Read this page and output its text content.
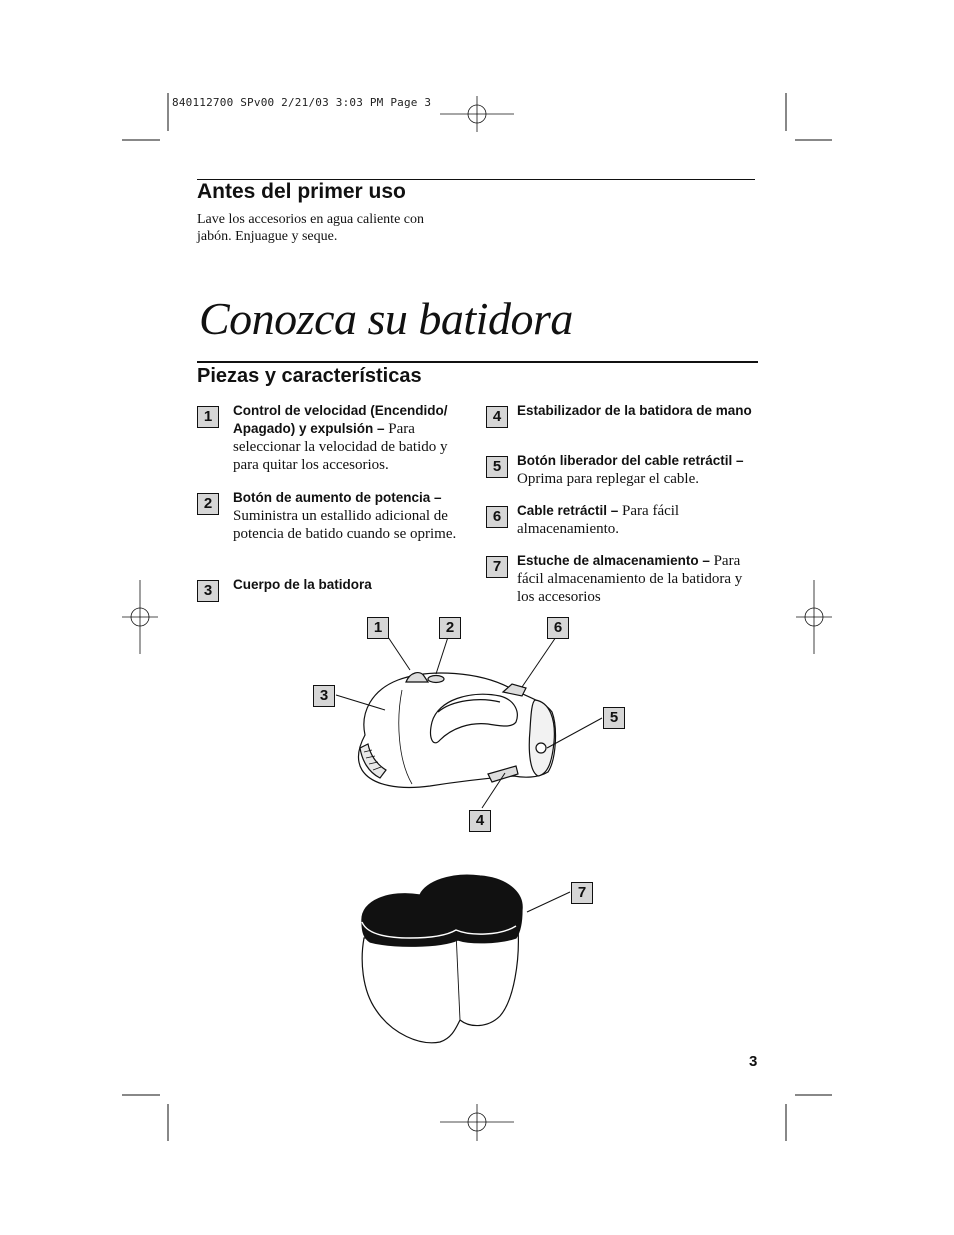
840112700 SPv00 2/21/03 3:03 PM Page 3
Antes del primer uso
Lave los accesorios en agua caliente con
jabón. Enjuague y seque.
Conozca su batidora
Piezas y características
1	Control de velocidad (Encendido/ Apagado) y expulsión – Para seleccionar la velocidad de batido y para quitar los accesorios.
2	Botón de aumento de potencia – Suministra un estallido adicional de potencia de batido cuando se oprime.
3	Cuerpo de la batidora
4	Estabilizador de la batidora de mano
5	Botón liberador del cable retráctil – Oprima para replegar el cable.
6	Cable retráctil – Para fácil almacenamiento.
7	Estuche de almacenamiento – Para fácil almacenamiento de la batidora y los accesorios
1	2	6
3
5
4
7
3
